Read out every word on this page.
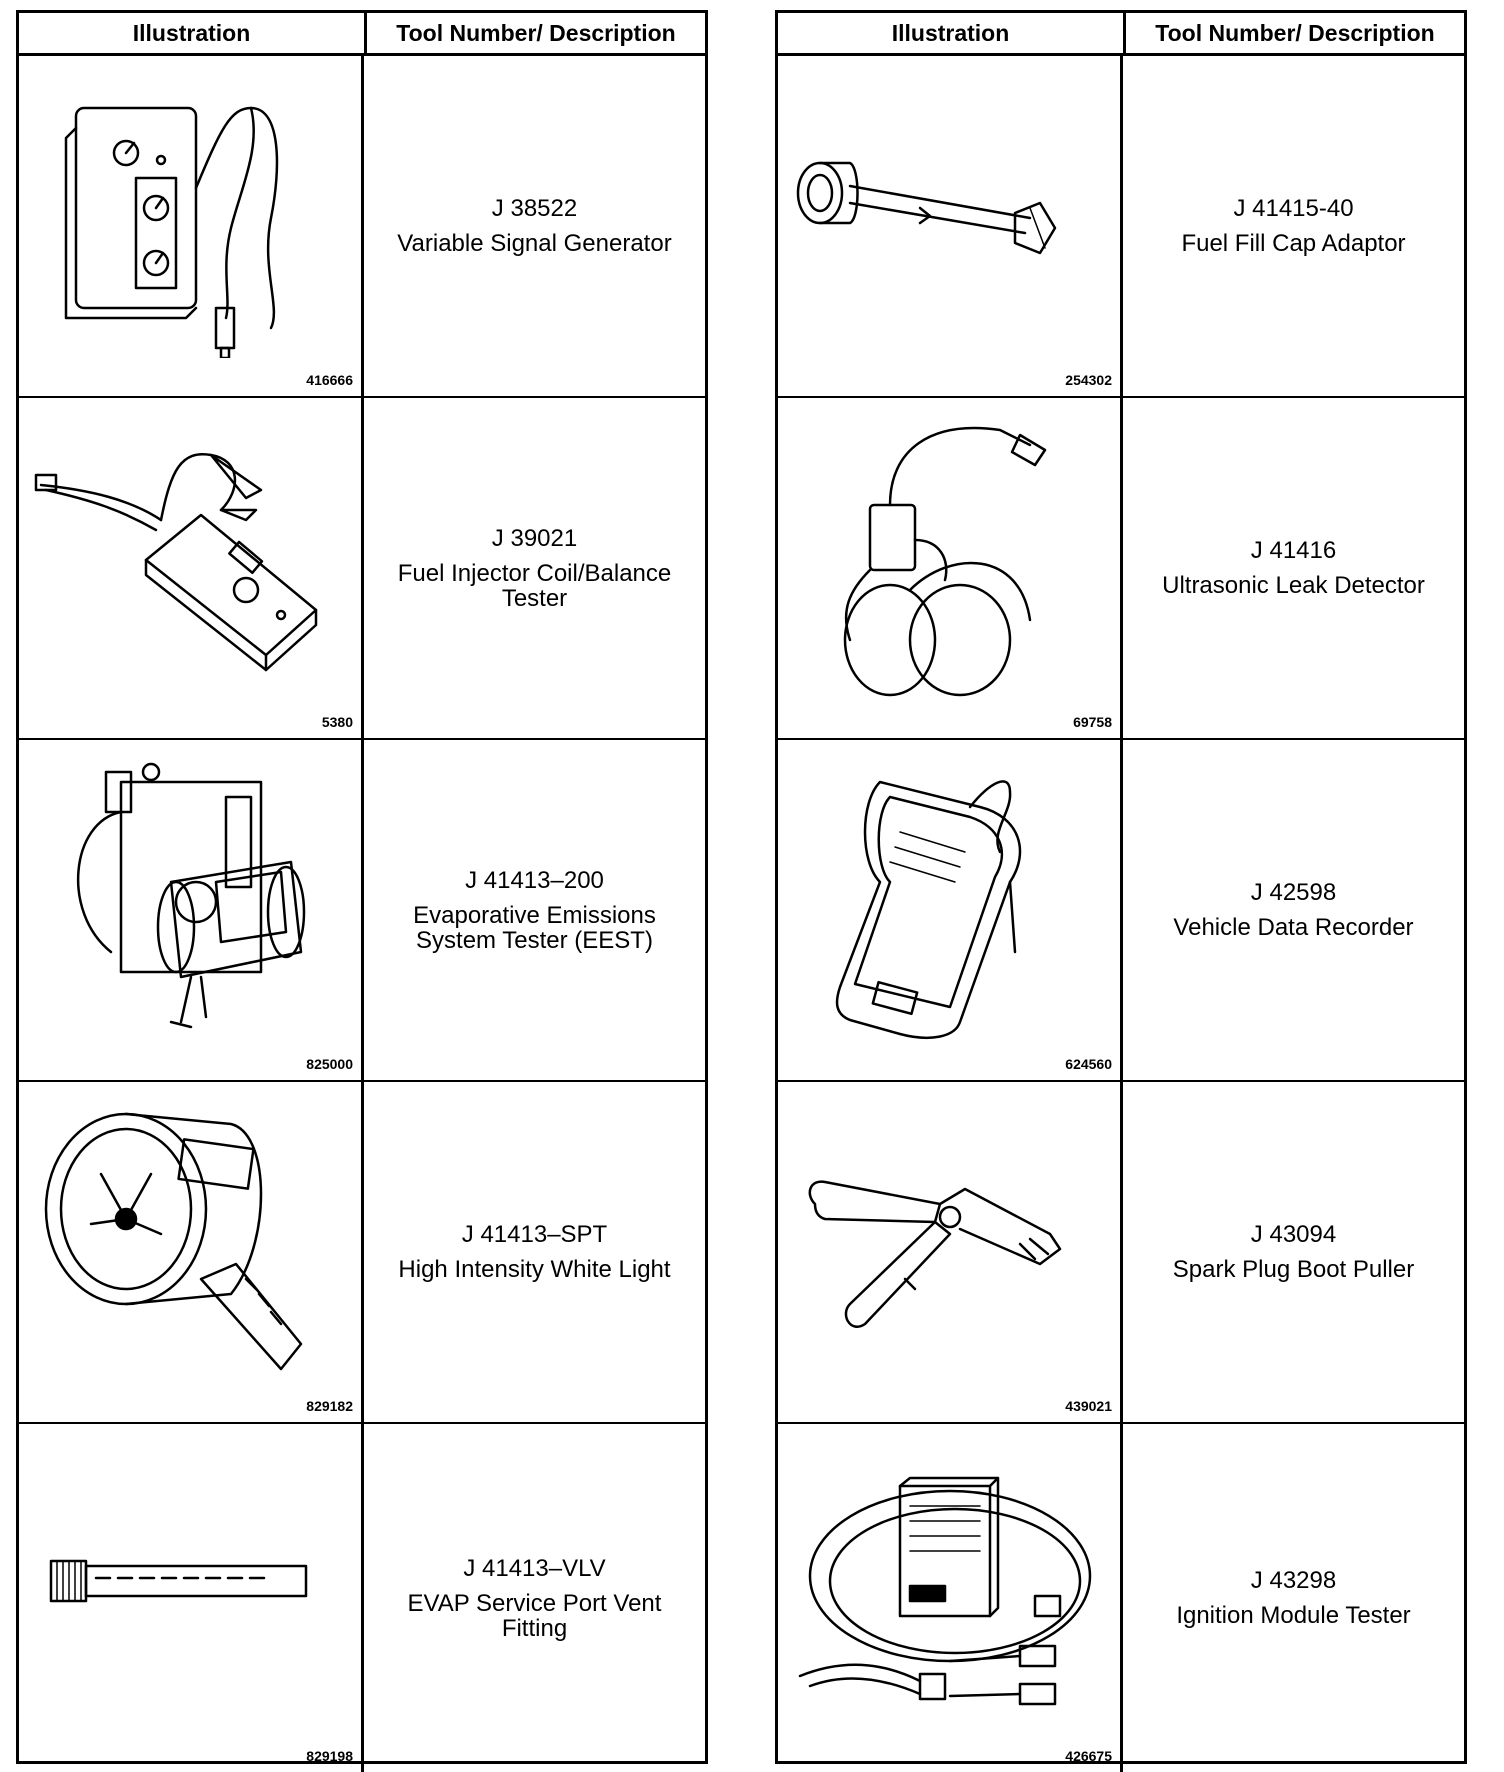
Illustration	Tool Number/ Description
416666
J 38522
Variable Signal Generator
5380
J 39021
Fuel Injector Coil/Balance
Tester
825000
J 41413–200
Evaporative Emissions
System Tester (EEST)
829182
J 41413–SPT
High Intensity White Light
829198
J 41413–VLV
EVAP Service Port Vent
Fitting
Illustration	Tool Number/ Description
254302
J 41415-40
Fuel Fill Cap Adaptor
69758
J 41416
Ultrasonic Leak Detector
624560
J 42598
Vehicle Data Recorder
439021
J 43094
Spark Plug Boot Puller
426675
J 43298
Ignition Module Tester
